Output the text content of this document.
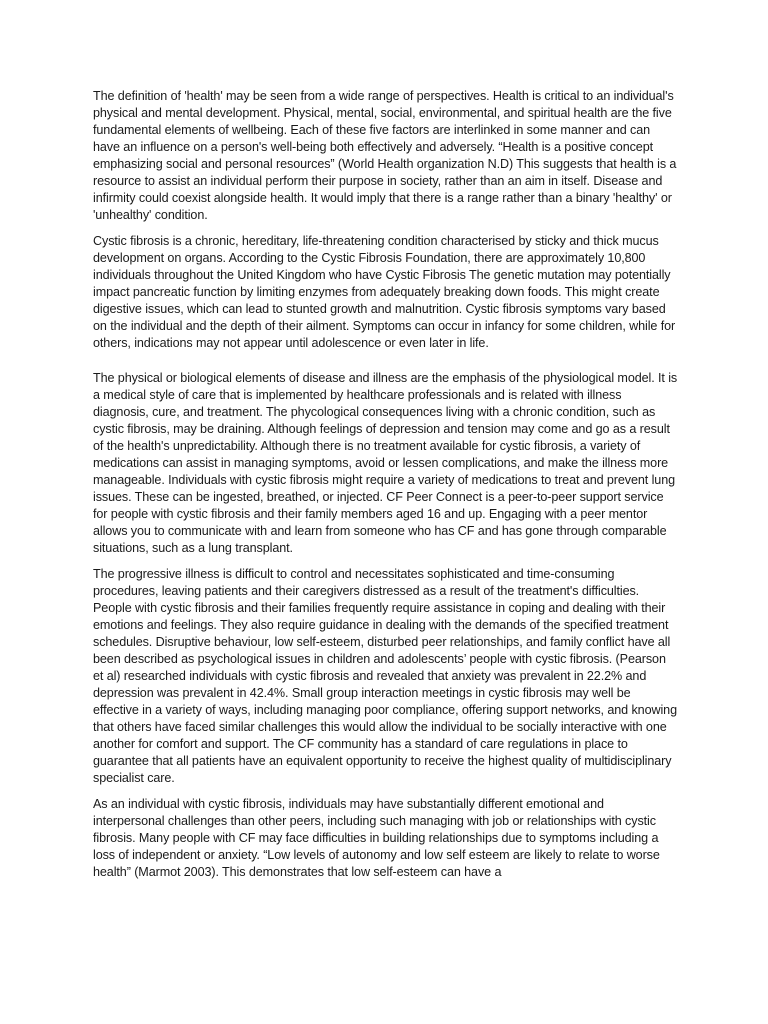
The definition of 'health' may be seen from a wide range of perspectives. Health is critical to an individual's physical and mental development. Physical, mental, social, environmental, and spiritual health are the five fundamental elements of wellbeing. Each of these five factors are interlinked in some manner and can have an influence on a person's well-being both effectively and adversely. “Health is a positive concept emphasizing social and personal resources” (World Health organization N.D) This suggests that health is a resource to assist an individual perform their purpose in society, rather than an aim in itself. Disease and infirmity could coexist alongside health. It would imply that there is a range rather than a binary 'healthy' or 'unhealthy' condition.

Cystic fibrosis is a chronic, hereditary, life-threatening condition characterised by sticky and thick mucus development on organs. According to the Cystic Fibrosis Foundation, there are approximately 10,800 individuals throughout the United Kingdom who have Cystic Fibrosis The genetic mutation may potentially impact pancreatic function by limiting enzymes from adequately breaking down foods. This might create digestive issues, which can lead to stunted growth and malnutrition. Cystic fibrosis symptoms vary based on the individual and the depth of their ailment. Symptoms can occur in infancy for some children, while for others, indications may not appear until adolescence or even later in life.

The physical or biological elements of disease and illness are the emphasis of the physiological model. It is a medical style of care that is implemented by healthcare professionals and is related with illness diagnosis, cure, and treatment. The phycological consequences living with a chronic condition, such as cystic fibrosis, may be draining. Although feelings of depression and tension may come and go as a result of the health's unpredictability. Although there is no treatment available for cystic fibrosis, a variety of medications can assist in managing symptoms, avoid or lessen complications, and make the illness more manageable. Individuals with cystic fibrosis might require a variety of medications to treat and prevent lung issues. These can be ingested, breathed, or injected. CF Peer Connect is a peer-to-peer support service for people with cystic fibrosis and their family members aged 16 and up. Engaging with a peer mentor allows you to communicate with and learn from someone who has CF and has gone through comparable situations, such as a lung transplant.

The progressive illness is difficult to control and necessitates sophisticated and time-consuming procedures, leaving patients and their caregivers distressed as a result of the treatment's difficulties. People with cystic fibrosis and their families frequently require assistance in coping and dealing with their emotions and feelings. They also require guidance in dealing with the demands of the specified treatment schedules. Disruptive behaviour, low self-esteem, disturbed peer relationships, and family conflict have all been described as psychological issues in children and adolescents’ people with cystic fibrosis. (Pearson et al) researched individuals with cystic fibrosis and revealed that anxiety was prevalent in 22.2% and depression was prevalent in 42.4%. Small group interaction meetings in cystic fibrosis may well be effective in a variety of ways, including managing poor compliance, offering support networks, and knowing that others have faced similar challenges this would allow the individual to be socially interactive with one another for comfort and support. The CF community has a standard of care regulations in place to guarantee that all patients have an equivalent opportunity to receive the highest quality of multidisciplinary specialist care.

As an individual with cystic fibrosis, individuals may have substantially different emotional and interpersonal challenges than other peers, including such managing with job or relationships with cystic fibrosis. Many people with CF may face difficulties in building relationships due to symptoms including a loss of independent or anxiety. “Low levels of autonomy and low self esteem are likely to relate to worse health” (Marmot 2003). This demonstrates that low self-esteem can have a
